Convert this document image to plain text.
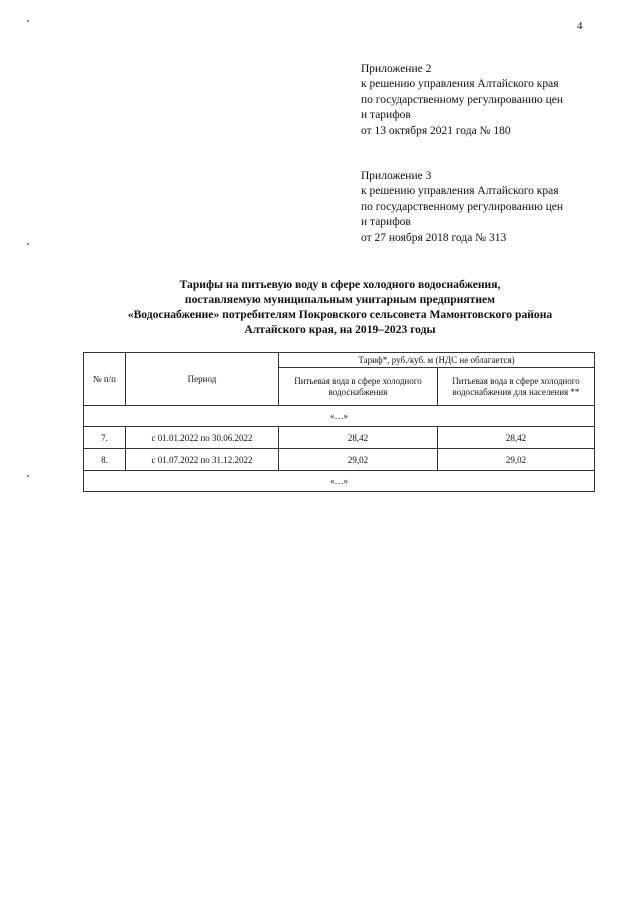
4
Приложение 2
к решению управления Алтайского края
по государственному регулированию цен
и тарифов
от 13 октября 2021 года № 180
Приложение 3
к решению управления Алтайского края
по государственному регулированию цен
и тарифов
от 27 ноября 2018 года № 313
Тарифы на питьевую воду в сфере холодного водоснабжения,
поставляемую муниципальным унитарным предприятием
«Водоснабжение» потребителям Покровского сельсовета Мамонтовского района
Алтайского края, на 2019–2023 годы
№ п/п	Период	Тариф*, руб./куб. м (НДС не облагается)	
		Питьевая вода в сфере холодного водоснабжения	Питьевая вода в сфере холодного водоснабжения для населения **
«…»			
7.	с 01.01.2022 по 30.06.2022	28,42	28,42
8.	с 01.07.2022 по 31.12.2022	29,02	29,02
«…»			
